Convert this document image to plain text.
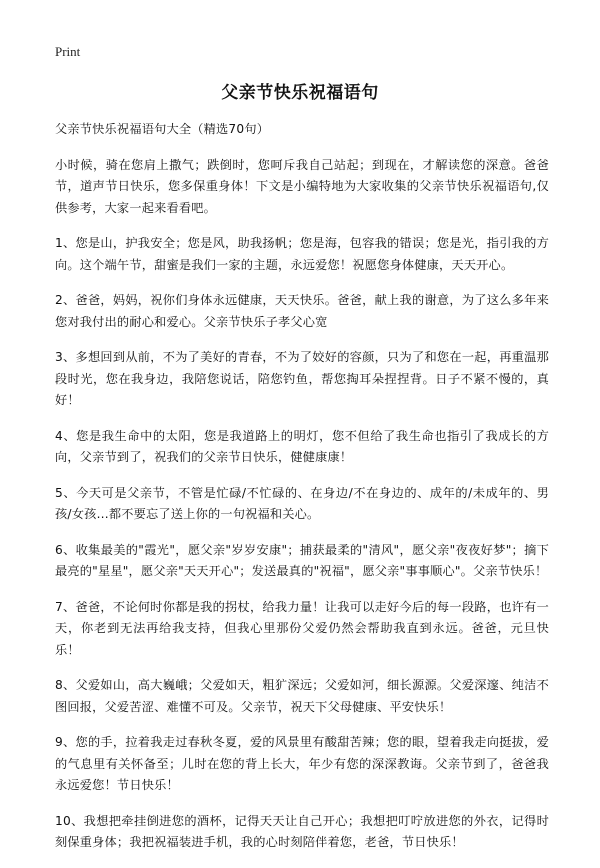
Print
父亲节快乐祝福语句

父亲节快乐祝福语句大全（精选70句）

小时候，骑在您肩上撒气；跌倒时，您呵斥我自己站起；到现在，才解读您的深意。爸爸节，道声节日快乐，您多保重身体！下文是小编特地为大家收集的父亲节快乐祝福语句,仅供参考，大家一起来看看吧。

1、您是山，护我安全；您是风，助我扬帆；您是海，包容我的错误；您是光，指引我的方向。这个端午节，甜蜜是我们一家的主题，永远爱您！祝愿您身体健康，天天开心。

2、爸爸，妈妈，祝你们身体永远健康，天天快乐。爸爸，献上我的谢意，为了这么多年来您对我付出的耐心和爱心。父亲节快乐子孝父心宽

3、多想回到从前，不为了美好的青春，不为了姣好的容颜，只为了和您在一起，再重温那段时光，您在我身边，我陪您说话，陪您钓鱼，帮您掏耳朵捏捏背。日子不紧不慢的，真好！

4、您是我生命中的太阳，您是我道路上的明灯，您不但给了我生命也指引了我成长的方向，父亲节到了，祝我们的父亲节日快乐，健健康康！

5、今天可是父亲节，不管是忙碌/不忙碌的、在身边/不在身边的、成年的/未成年的、男孩/女孩…都不要忘了送上你的一句祝福和关心。

6、收集最美的"霞光"，愿父亲"岁岁安康"；捕获最柔的"清风"，愿父亲"夜夜好梦"；摘下最亮的"星星"，愿父亲"天天开心"；发送最真的"祝福"，愿父亲"事事顺心"。父亲节快乐！

7、爸爸，不论何时你都是我的拐杖，给我力量！让我可以走好今后的每一段路，也许有一天，你老到无法再给我支持，但我心里那份父爱仍然会帮助我直到永远。爸爸，元旦快乐！

8、父爱如山，高大巍峨；父爱如天，粗犷深远；父爱如河，细长源源。父爱深邃、纯洁不图回报，父爱苦涩、难懂不可及。父亲节，祝天下父母健康、平安快乐！

9、您的手，拉着我走过春秋冬夏，爱的风景里有酸甜苦辣；您的眼，望着我走向挺拔，爱的气息里有关怀备至；儿时在您的背上长大，年少有您的深深教诲。父亲节到了，爸爸我永远爱您！节日快乐！

10、我想把牵挂倒进您的酒杯，记得天天让自己开心；我想把叮咛放进您的外衣，记得时刻保重身体；我把祝福装进手机，我的心时刻陪伴着您，老爸，节日快乐！
